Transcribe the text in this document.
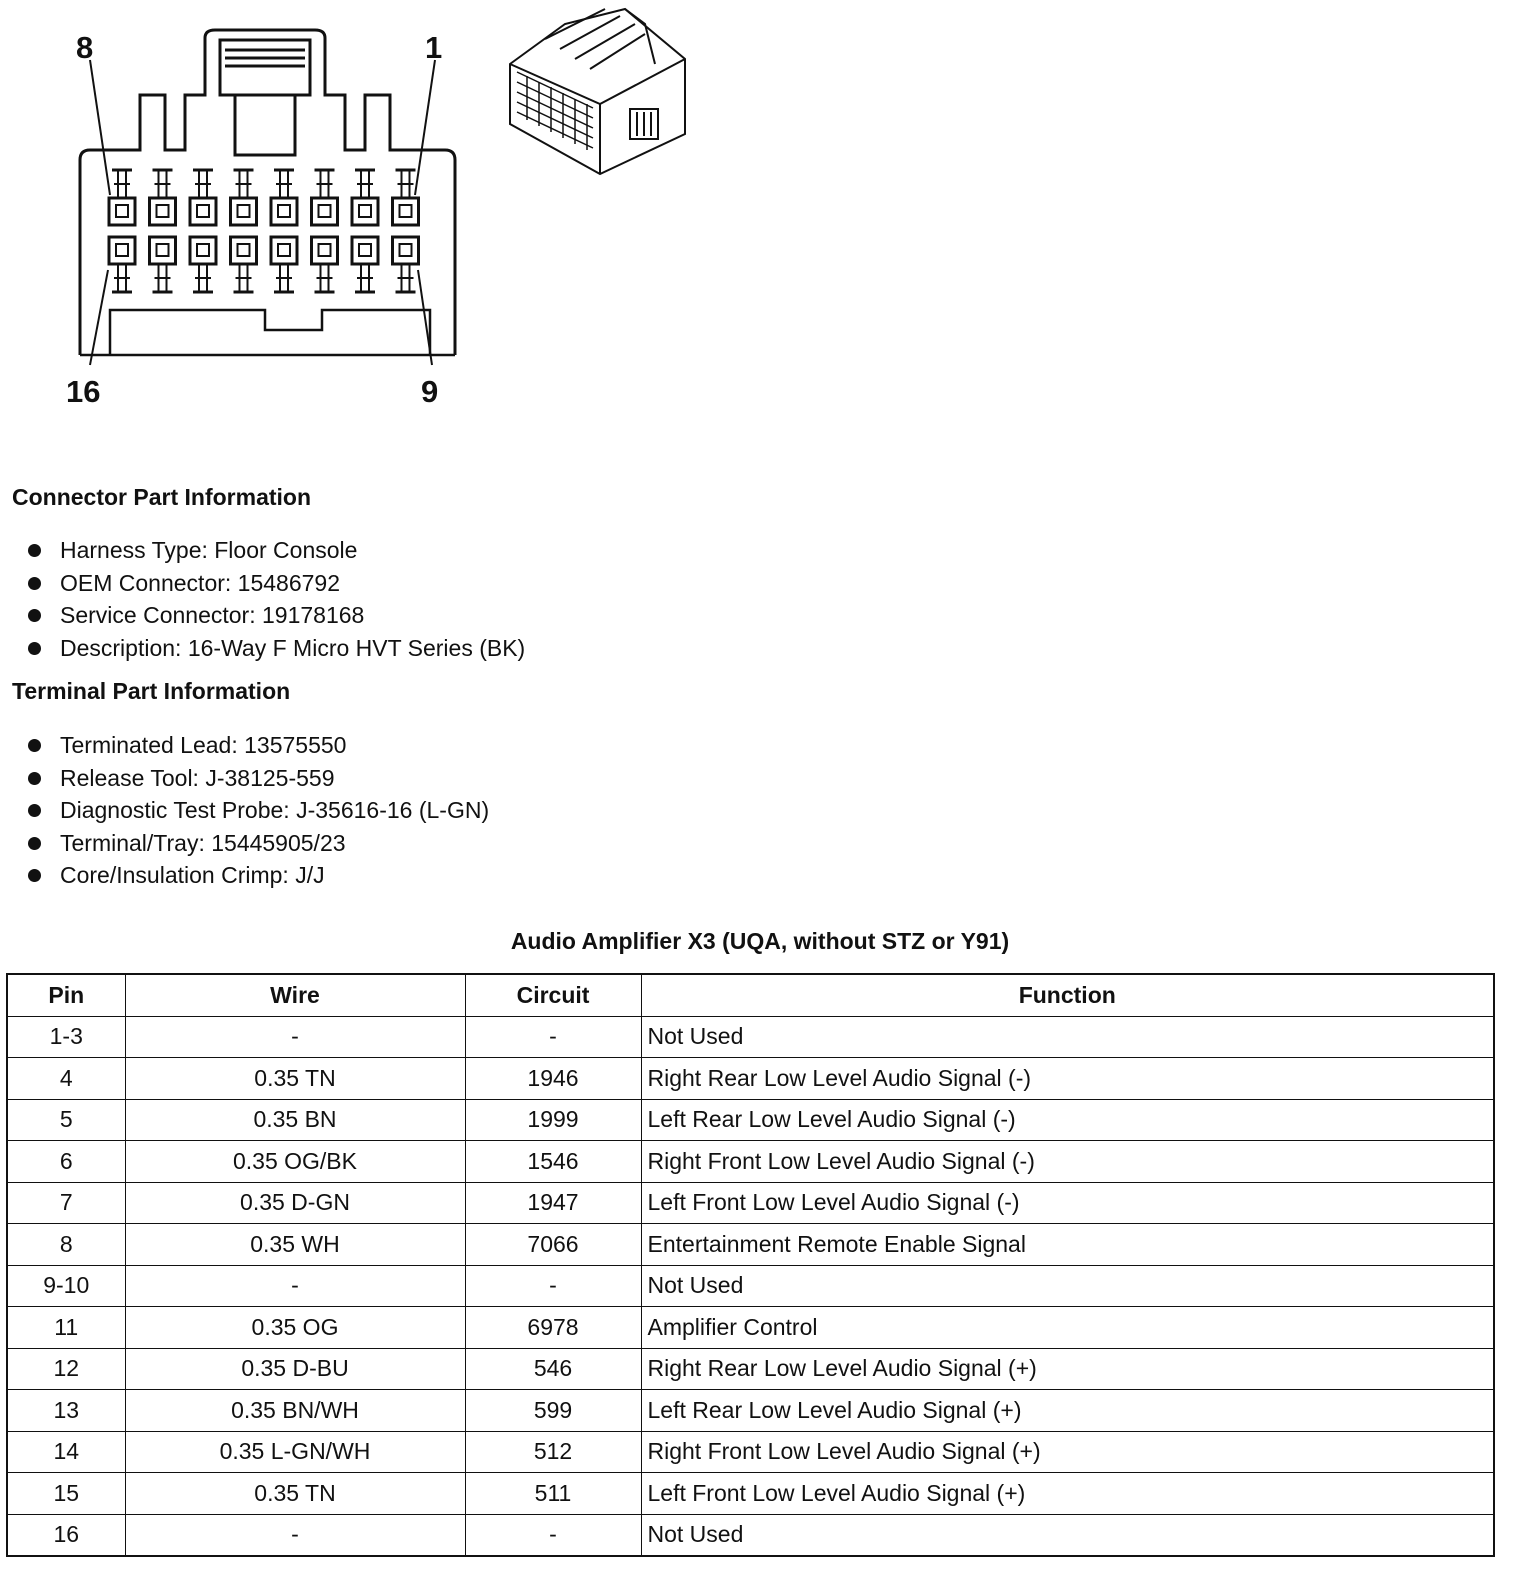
8	1
16	9
Connector Part Information
Harness Type: Floor Console
OEM Connector: 15486792
Service Connector: 19178168
Description: 16-Way F Micro HVT Series (BK)
Terminal Part Information
Terminated Lead: 13575550
Release Tool: J-38125-559
Diagnostic Test Probe: J-35616-16 (L-GN)
Terminal/Tray: 15445905/23
Core/Insulation Crimp: J/J
Audio Amplifier X3 (UQA, without STZ or Y91)
Pin	Wire	Circuit	Function
1-3	-	-	Not Used
4	0.35 TN	1946	Right Rear Low Level Audio Signal (-)
5	0.35 BN	1999	Left Rear Low Level Audio Signal (-)
6	0.35 OG/BK	1546	Right Front Low Level Audio Signal (-)
7	0.35 D-GN	1947	Left Front Low Level Audio Signal (-)
8	0.35 WH	7066	Entertainment Remote Enable Signal
9-10	-	-	Not Used
11	0.35 OG	6978	Amplifier Control
12	0.35 D-BU	546	Right Rear Low Level Audio Signal (+)
13	0.35 BN/WH	599	Left Rear Low Level Audio Signal (+)
14	0.35 L-GN/WH	512	Right Front Low Level Audio Signal (+)
15	0.35 TN	511	Left Front Low Level Audio Signal (+)
16	-	-	Not Used
